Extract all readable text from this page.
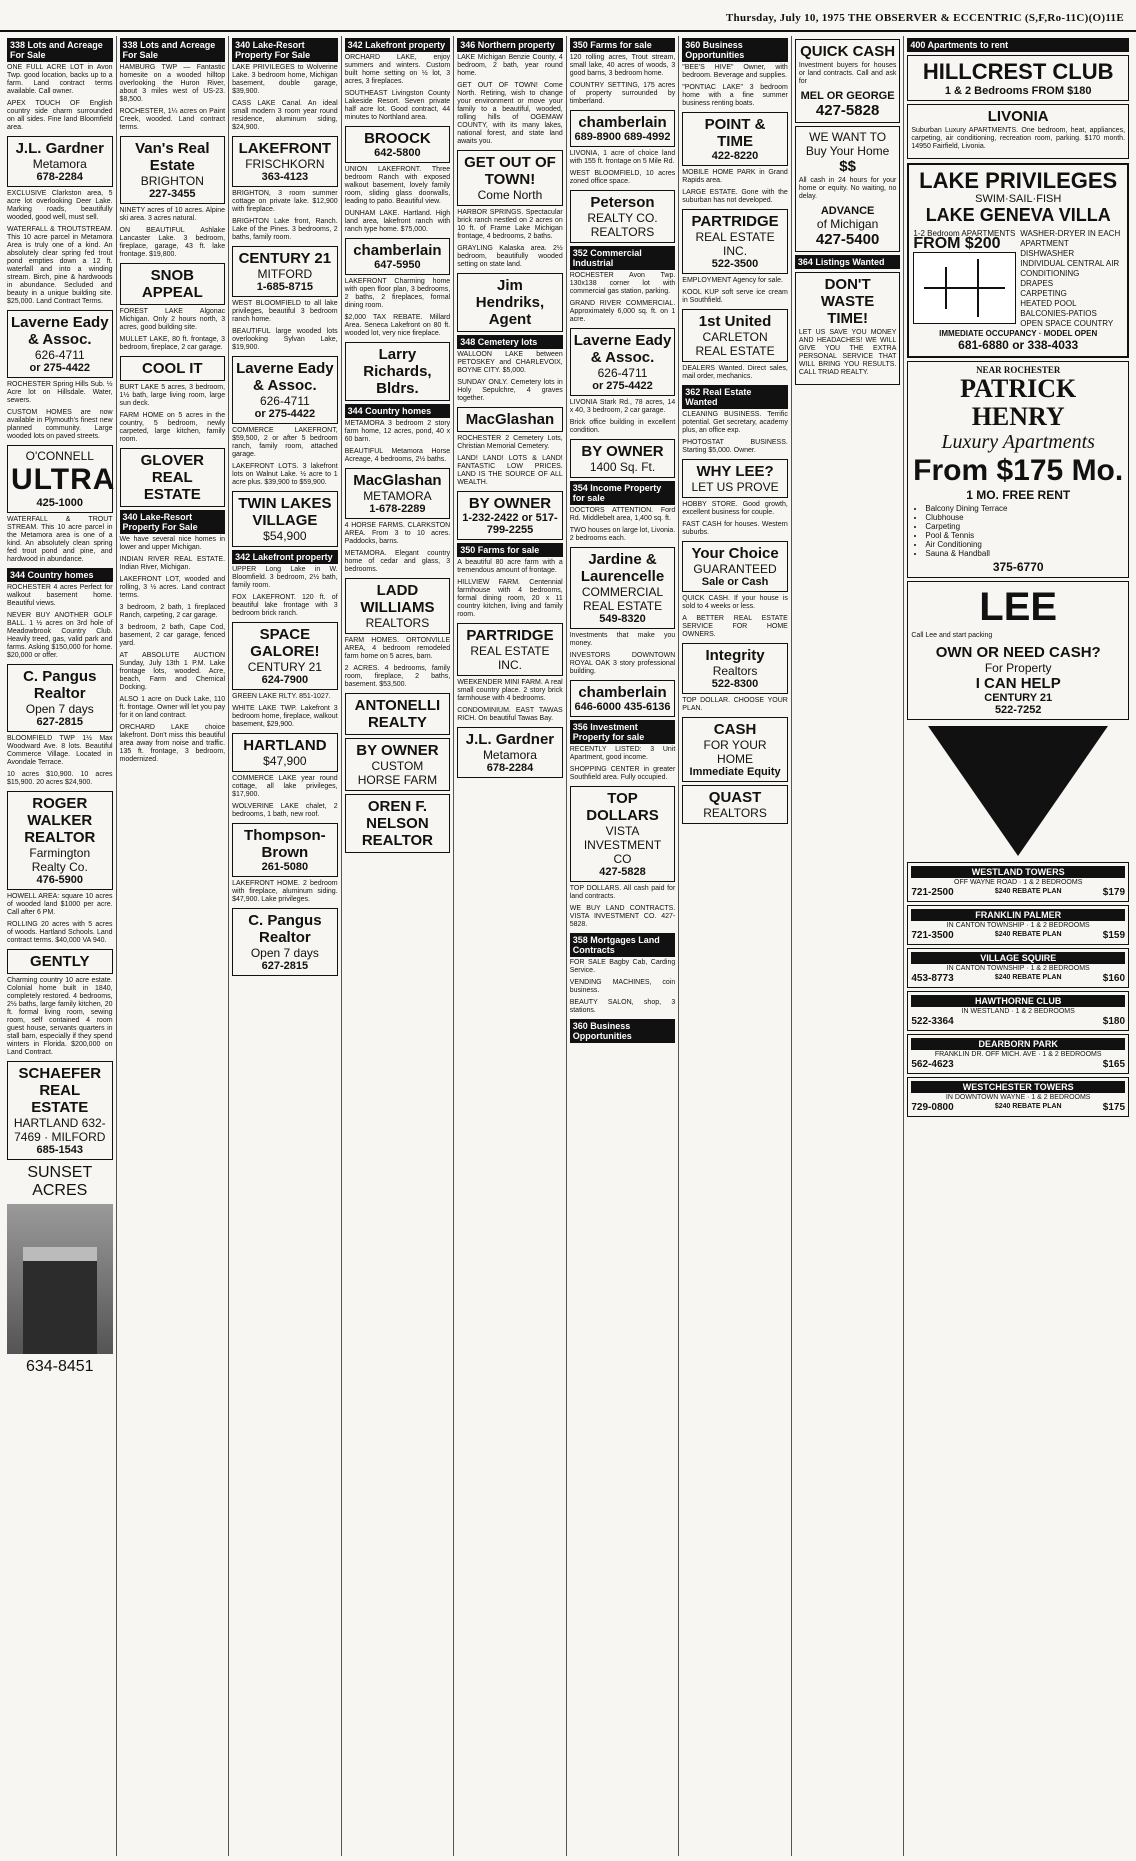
Thursday, July 10, 1975 THE OBSERVER & ECCENTRIC (S,F,Ro-11C)(O)11E
338 Lots and Acreage For Sale
ONE FULL ACRE LOT in Avon Twp. good location, backs up to a farm. Land contract terms available. Call owner.
APEX TOUCH OF English country side charm surrounded on all sides. Fine land Bloomfield area.
J.L. Gardner
Metamora
678-2284
EXCLUSIVE Clarkston area, 5 acre lot overlooking Deer Lake. Marking roads, beautifully wooded, good well, must sell.
WATERFALL & TROUTSTREAM. This 10 acre parcel in Metamora Area is truly one of a kind. An absolutely clear spring fed trout pond empties down a 12 ft. waterfall and into a winding stream. Birch, pine & hardwoods in abundance. Secluded and beauty in a unique building site. $25,000. Land Contract Terms.
Laverne Eady & Assoc.
626-4711
or 275-4422
ROCHESTER Spring Hills Sub. ½ Acre lot on Hillsdale. Water, sewers.
CUSTOM HOMES are now available in Plymouth's finest new planned community. Large wooded lots on paved streets.
O'CONNELL
ULTRA
425-1000
WATERFALL & TROUT STREAM. This 10 acre parcel in the Metamora area is one of a kind. An absolutely clean spring fed trout pond and pine, and hardwood in abundance.
344 Country homes
ROCHESTER 4 acres Perfect for walkout basement home. Beautiful views.
NEVER BUY ANOTHER GOLF BALL. 1 ½ acres on 3rd hole of Meadowbrook Country Club. Heavily treed, gas, valid park and farms. Asking $150,000 for home. $20,000 or offer.
C. Pangus Realtor
Open 7 days
627-2815
BLOOMFIELD TWP 1½ Max Woodward Ave. 8 lots. Beautiful Commerce Village. Located in Avondale Terrace.
10 acres $10,900. 10 acres $15,900. 20 acres $24,900.
ROGER WALKER REALTOR
Farmington Realty Co.
476-5900
HOWELL AREA: square 10 acres of wooded land $1000 per acre. Call after 6 PM.
ROLLING 20 acres with 5 acres of woods. Hartland Schools. Land contract terms. $40,000 VA 940.
GENTLY
Charming country 10 acre estate. Colonial home built in 1840, completely restored. 4 bedrooms, 2½ baths, large family kitchen, 20 ft. formal living room, sewing room, self contained 4 room guest house, servants quarters in stall barn, especially if they spend winters in Florida. $200,000 on Land Contract.
SCHAEFER REAL ESTATE
HARTLAND 632-7469 · MILFORD
685-1543
SUNSET ACRES
634-8451
338 Lots and Acreage For Sale
HAMBURG TWP — Fantastic homesite on a wooded hilltop overlooking the Huron River, about 3 miles west of US-23. $8,500.
ROCHESTER, 1¼ acres on Paint Creek, wooded. Land contract terms.
Van's Real Estate
BRIGHTON
227-3455
NINETY acres of 10 acres. Alpine ski area. 3 acres natural.
ON BEAUTIFUL Ashlake Lancaster Lake. 3 bedroom, fireplace, garage, 43 ft. lake frontage. $19,800.
SNOB APPEAL
FOREST LAKE Algonac Michigan. Only 2 hours north, 3 acres, good building site.
MULLET LAKE, 80 ft. frontage, 3 bedroom, fireplace, 2 car garage.
COOL IT
BURT LAKE 5 acres, 3 bedroom, 1½ bath, large living room, large sun deck.
FARM HOME on 5 acres in the country, 5 bedroom, newly carpeted, large kitchen, family room.
GLOVER REAL ESTATE
340 Lake-Resort Property For Sale
We have several nice homes in lower and upper Michigan.
INDIAN RIVER REAL ESTATE. Indian River, Michigan.
LAKEFRONT LOT, wooded and rolling, 3 ½ acres. Land contract terms.
3 bedroom, 2 bath, 1 fireplaced Ranch, carpeting, 2 car garage.
3 bedroom, 2 bath, Cape Cod, basement, 2 car garage, fenced yard.
AT ABSOLUTE AUCTION Sunday, July 13th 1 P.M. Lake frontage lots, wooded. Acre, beach, Farm and Chemical Docking.
ALSO 1 acre on Duck Lake, 110 ft. frontage. Owner will let you pay for it on land contract.
ORCHARD LAKE choice lakefront. Don't miss this beautiful area away from noise and traffic. 135 ft. frontage, 3 bedroom, modernized.
340 Lake-Resort Property For Sale
LAKE PRIVILEGES to Wolverine Lake. 3 bedroom home, Michigan basement, double garage, $39,900.
CASS LAKE Canal. An ideal small modern 3 room year round residence, aluminum siding, $24,900.
LAKEFRONT
FRISCHKORN
363-4123
BRIGHTON, 3 room summer cottage on private lake. $12,900 with fireplace.
BRIGHTON Lake front, Ranch. Lake of the Pines. 3 bedrooms, 2 baths, family room.
CENTURY 21
MITFORD
1-685-8715
WEST BLOOMFIELD to all lake privileges, beautiful 3 bedroom ranch home.
BEAUTIFUL large wooded lots overlooking Sylvan Lake, $19,900.
Laverne Eady & Assoc.
626-4711
or 275-4422
COMMERCE LAKEFRONT, $59,500, 2 or after 5 bedroom ranch, family room, attached garage.
LAKEFRONT LOTS. 3 lakefront lots on Walnut Lake. ½ acre to 1 acre plus. $39,900 to $59,900.
TWIN LAKES VILLAGE
$54,900
342 Lakefront property
UPPER Long Lake in W. Bloomfield. 3 bedroom, 2½ bath, family room.
FOX LAKEFRONT. 120 ft. of beautiful lake frontage with 3 bedroom brick ranch.
SPACE GALORE!
CENTURY 21
624-7900
GREEN LAKE RLTY. 851-1027.
WHITE LAKE TWP. Lakefront 3 bedroom home, fireplace, walkout basement, $29,900.
HARTLAND
$47,900
COMMERCE LAKE year round cottage, all lake privileges, $17,900.
WOLVERINE LAKE chalet, 2 bedrooms, 1 bath, new roof.
Thompson-Brown
261-5080
LAKEFRONT HOME. 2 bedroom with fireplace, aluminum siding. $47,900. Lake privileges.
C. Pangus Realtor
Open 7 days
627-2815
342 Lakefront property
ORCHARD LAKE, enjoy summers and winters. Custom built home setting on ½ lot, 3 acres, 3 fireplaces.
SOUTHEAST Livingston County Lakeside Resort. Seven private half acre lot. Good contract, 44 minutes to Northland area.
BROOCK
642-5800
UNION LAKEFRONT. Three bedroom Ranch with exposed walkout basement, lovely family room, sliding glass doorwalls, leading to patio. Beautiful view.
DUNHAM LAKE. Hartland. High land area, lakefront ranch with ranch type home. $75,000.
chamberlain
647-5950
LAKEFRONT Charming home with open floor plan, 3 bedrooms, 2 baths, 2 fireplaces, formal dining room.
$2,000 TAX REBATE. Millard Area. Seneca Lakefront on 80 ft. wooded lot, very nice fireplace.
Larry Richards, Bldrs.
344 Country homes
METAMORA 3 bedroom 2 story farm home, 12 acres, pond, 40 x 60 barn.
BEAUTIFUL Metamora Horse Acreage, 4 bedrooms, 2½ baths.
MacGlashan
METAMORA
1-678-2289
4 HORSE FARMS. CLARKSTON AREA. From 3 to 10 acres. Paddocks, barns.
METAMORA. Elegant country home of cedar and glass, 3 bedrooms.
LADD WILLIAMS
REALTORS
FARM HOMES. ORTONVILLE AREA, 4 bedroom remodeled farm home on 5 acres, barn.
2 ACRES. 4 bedrooms, family room, fireplace, 2 baths, basement. $53,500.
ANTONELLI REALTY
BY OWNER
CUSTOM HORSE FARM
OREN F. NELSON REALTOR
346 Northern property
LAKE Michigan Benzie County, 4 bedroom, 2 bath, year round home.
GET OUT OF TOWN! Come North. Retiring, wish to change your environment or move your family to a beautiful, wooded, rolling hills of OGEMAW COUNTY, with its many lakes, national forest, and state land awaits you.
GET OUT OF TOWN!
Come North
HARBOR SPRINGS. Spectacular brick ranch nestled on 2 acres on 10 ft. of Frame Lake Michigan frontage, 4 bedrooms, 2 baths.
GRAYLING Kalaska area. 2½ bedroom, beautifully wooded setting on state land.
Jim Hendriks, Agent
348 Cemetery lots
WALLOON LAKE between PETOSKEY and CHARLEVOIX, BOYNE CITY. $5,000.
SUNDAY ONLY. Cemetery lots in Holy Sepulchre, 4 graves together.
MacGlashan
ROCHESTER 2 Cemetery Lots, Christian Memorial Cemetery.
LAND! LAND! LOTS & LAND! FANTASTIC LOW PRICES. LAND IS THE SOURCE OF ALL WEALTH.
BY OWNER
1-232-2422 or 517-799-2255
350 Farms for sale
A beautiful 80 acre farm with a tremendous amount of frontage.
HILLVIEW FARM. Centennial farmhouse with 4 bedrooms, formal dining room, 20 x 11 country kitchen, living and family room.
PARTRIDGE
REAL ESTATE INC.
WEEKENDER MINI FARM. A real small country place. 2 story brick farmhouse with 4 bedrooms.
CONDOMINIUM. EAST TAWAS RICH. On beautiful Tawas Bay.
J.L. Gardner
Metamora
678-2284
350 Farms for sale
120 rolling acres, Trout stream, small lake, 40 acres of woods, 3 good barns, 3 bedroom home.
COUNTRY SETTING, 175 acres of property surrounded by timberland.
chamberlain
689-8900 689-4992
LIVONIA, 1 acre of choice land with 155 ft. frontage on 5 Mile Rd.
WEST BLOOMFIELD, 10 acres zoned office space.
Peterson
REALTY CO. REALTORS
352 Commercial Industrial
ROCHESTER Avon Twp. 130x138 corner lot with commercial gas station, parking.
GRAND RIVER COMMERCIAL. Approximately 6,000 sq. ft. on 1 acre.
Laverne Eady & Assoc.
626-4711
or 275-4422
LIVONIA Stark Rd., 78 acres, 14 x 40, 3 bedroom, 2 car garage.
Brick office building in excellent condition.
BY OWNER
1400 Sq. Ft.
354 Income Property for sale
DOCTORS ATTENTION. Ford Rd. Middlebelt area, 1,400 sq. ft.
TWO houses on large lot, Livonia. 2 bedrooms each.
Jardine & Laurencelle
COMMERCIAL REAL ESTATE
549-8320
Investments that make you money.
INVESTORS DOWNTOWN ROYAL OAK 3 story professional building.
chamberlain
646-6000 435-6136
356 Investment Property for sale
RECENTLY LISTED: 3 Unit Apartment, good income.
SHOPPING CENTER in greater Southfield area. Fully occupied.
TOP DOLLARS
VISTA INVESTMENT CO
427-5828
TOP DOLLARS. All cash paid for land contracts.
WE BUY LAND CONTRACTS. VISTA INVESTMENT CO. 427-5828.
358 Mortgages Land Contracts
FOR SALE Bagby Cab, Carding Service.
VENDING MACHINES, coin business.
BEAUTY SALON, shop, 3 stations.
360 Business Opportunities
360 Business Opportunities
"BEE'S HIVE" Owner, with bedroom. Beverage and supplies.
"PONTIAC LAKE" 3 bedroom home with a fine summer business renting boats.
POINT & TIME
422-8220
MOBILE HOME PARK in Grand Rapids area.
LARGE ESTATE. Gone with the suburban has not developed.
PARTRIDGE
REAL ESTATE INC.
522-3500
EMPLOYMENT Agency for sale.
KOOL KUP soft serve ice cream in Southfield.
1st United
CARLETON REAL ESTATE
DEALERS Wanted. Direct sales, mail order, mechanics.
362 Real Estate Wanted
CLEANING BUSINESS. Terrific potential. Get secretary, academy plus, an office exp.
PHOTOSTAT BUSINESS. Starting $5,000. Owner.
WHY LEE?
LET US PROVE
HOBBY STORE. Good growth, excellent business for couple.
FAST CASH for houses. Western suburbs.
Your Choice
GUARANTEED
Sale or Cash
QUICK CASH. If your house is sold to 4 weeks or less.
A BETTER REAL ESTATE SERVICE FOR HOME OWNERS.
Integrity
Realtors
522-8300
TOP DOLLAR. CHOOSE YOUR PLAN.
CASH
FOR YOUR HOME
Immediate Equity
QUAST
REALTORS
QUICK CASH
Investment buyers for houses or land contracts. Call and ask for
MEL OR GEORGE
427-5828
WE WANT TO Buy Your Home
$$
All cash in 24 hours for your home or equity. No waiting, no delay.
ADVANCE
of Michigan
427-5400
364 Listings Wanted
DON'T WASTE TIME!
LET US SAVE YOU MONEY AND HEADACHES! WE WILL GIVE YOU THE EXTRA PERSONAL SERVICE THAT WILL BRING YOU RESULTS. CALL TRIAD REALTY.
400 Apartments to rent
HILLCREST CLUB
1 & 2 Bedrooms FROM $180
LIVONIA
Suburban Luxury APARTMENTS. One bedroom, heat, appliances, carpeting, air conditioning, recreation room, parking. $170 month. 14950 Fairfield, Livonia.
LAKE PRIVILEGES
SWIM·SAIL·FISH
LAKE GENEVA VILLA
1-2 Bedroom APARTMENTS
FROM $200
WASHER-DRYER IN EACH APARTMENT
DISHWASHER
INDIVIDUAL CENTRAL AIR CONDITIONING
DRAPES
CARPETING
HEATED POOL
BALCONIES-PATIOS
OPEN SPACE COUNTRY
IMMEDIATE OCCUPANCY · MODEL OPEN
681-6880 or 338-4033
NEAR ROCHESTER
PATRICK HENRY
Luxury Apartments
From $175 Mo.
1 MO. FREE RENT
• Balcony Dining Terrace
• Clubhouse
• Carpeting
• Pool & Tennis
• Air Conditioning
• Sauna & Handball
375-6770
LEE
Call Lee and start packing
OWN OR NEED CASH?
For Property
I CAN HELP
CENTURY 21
522-7252
WESTLAND TOWERS
OFF WAYNE ROAD · 1 & 2 BEDROOMS
721-2500	$240 REBATE PLAN	$179
FRANKLIN PALMER
IN CANTON TOWNSHIP · 1 & 2 BEDROOMS
721-3500	$240 REBATE PLAN	$159
VILLAGE SQUIRE
IN CANTON TOWNSHIP · 1 & 2 BEDROOMS
453-8773	$240 REBATE PLAN	$160
HAWTHORNE CLUB
IN WESTLAND · 1 & 2 BEDROOMS
522-3364	$180
DEARBORN PARK
FRANKLIN DR. OFF MICH. AVE · 1 & 2 BEDROOMS
562-4623	$165
WESTCHESTER TOWERS
IN DOWNTOWN WAYNE · 1 & 2 BEDROOMS
729-0800	$240 REBATE PLAN	$175
